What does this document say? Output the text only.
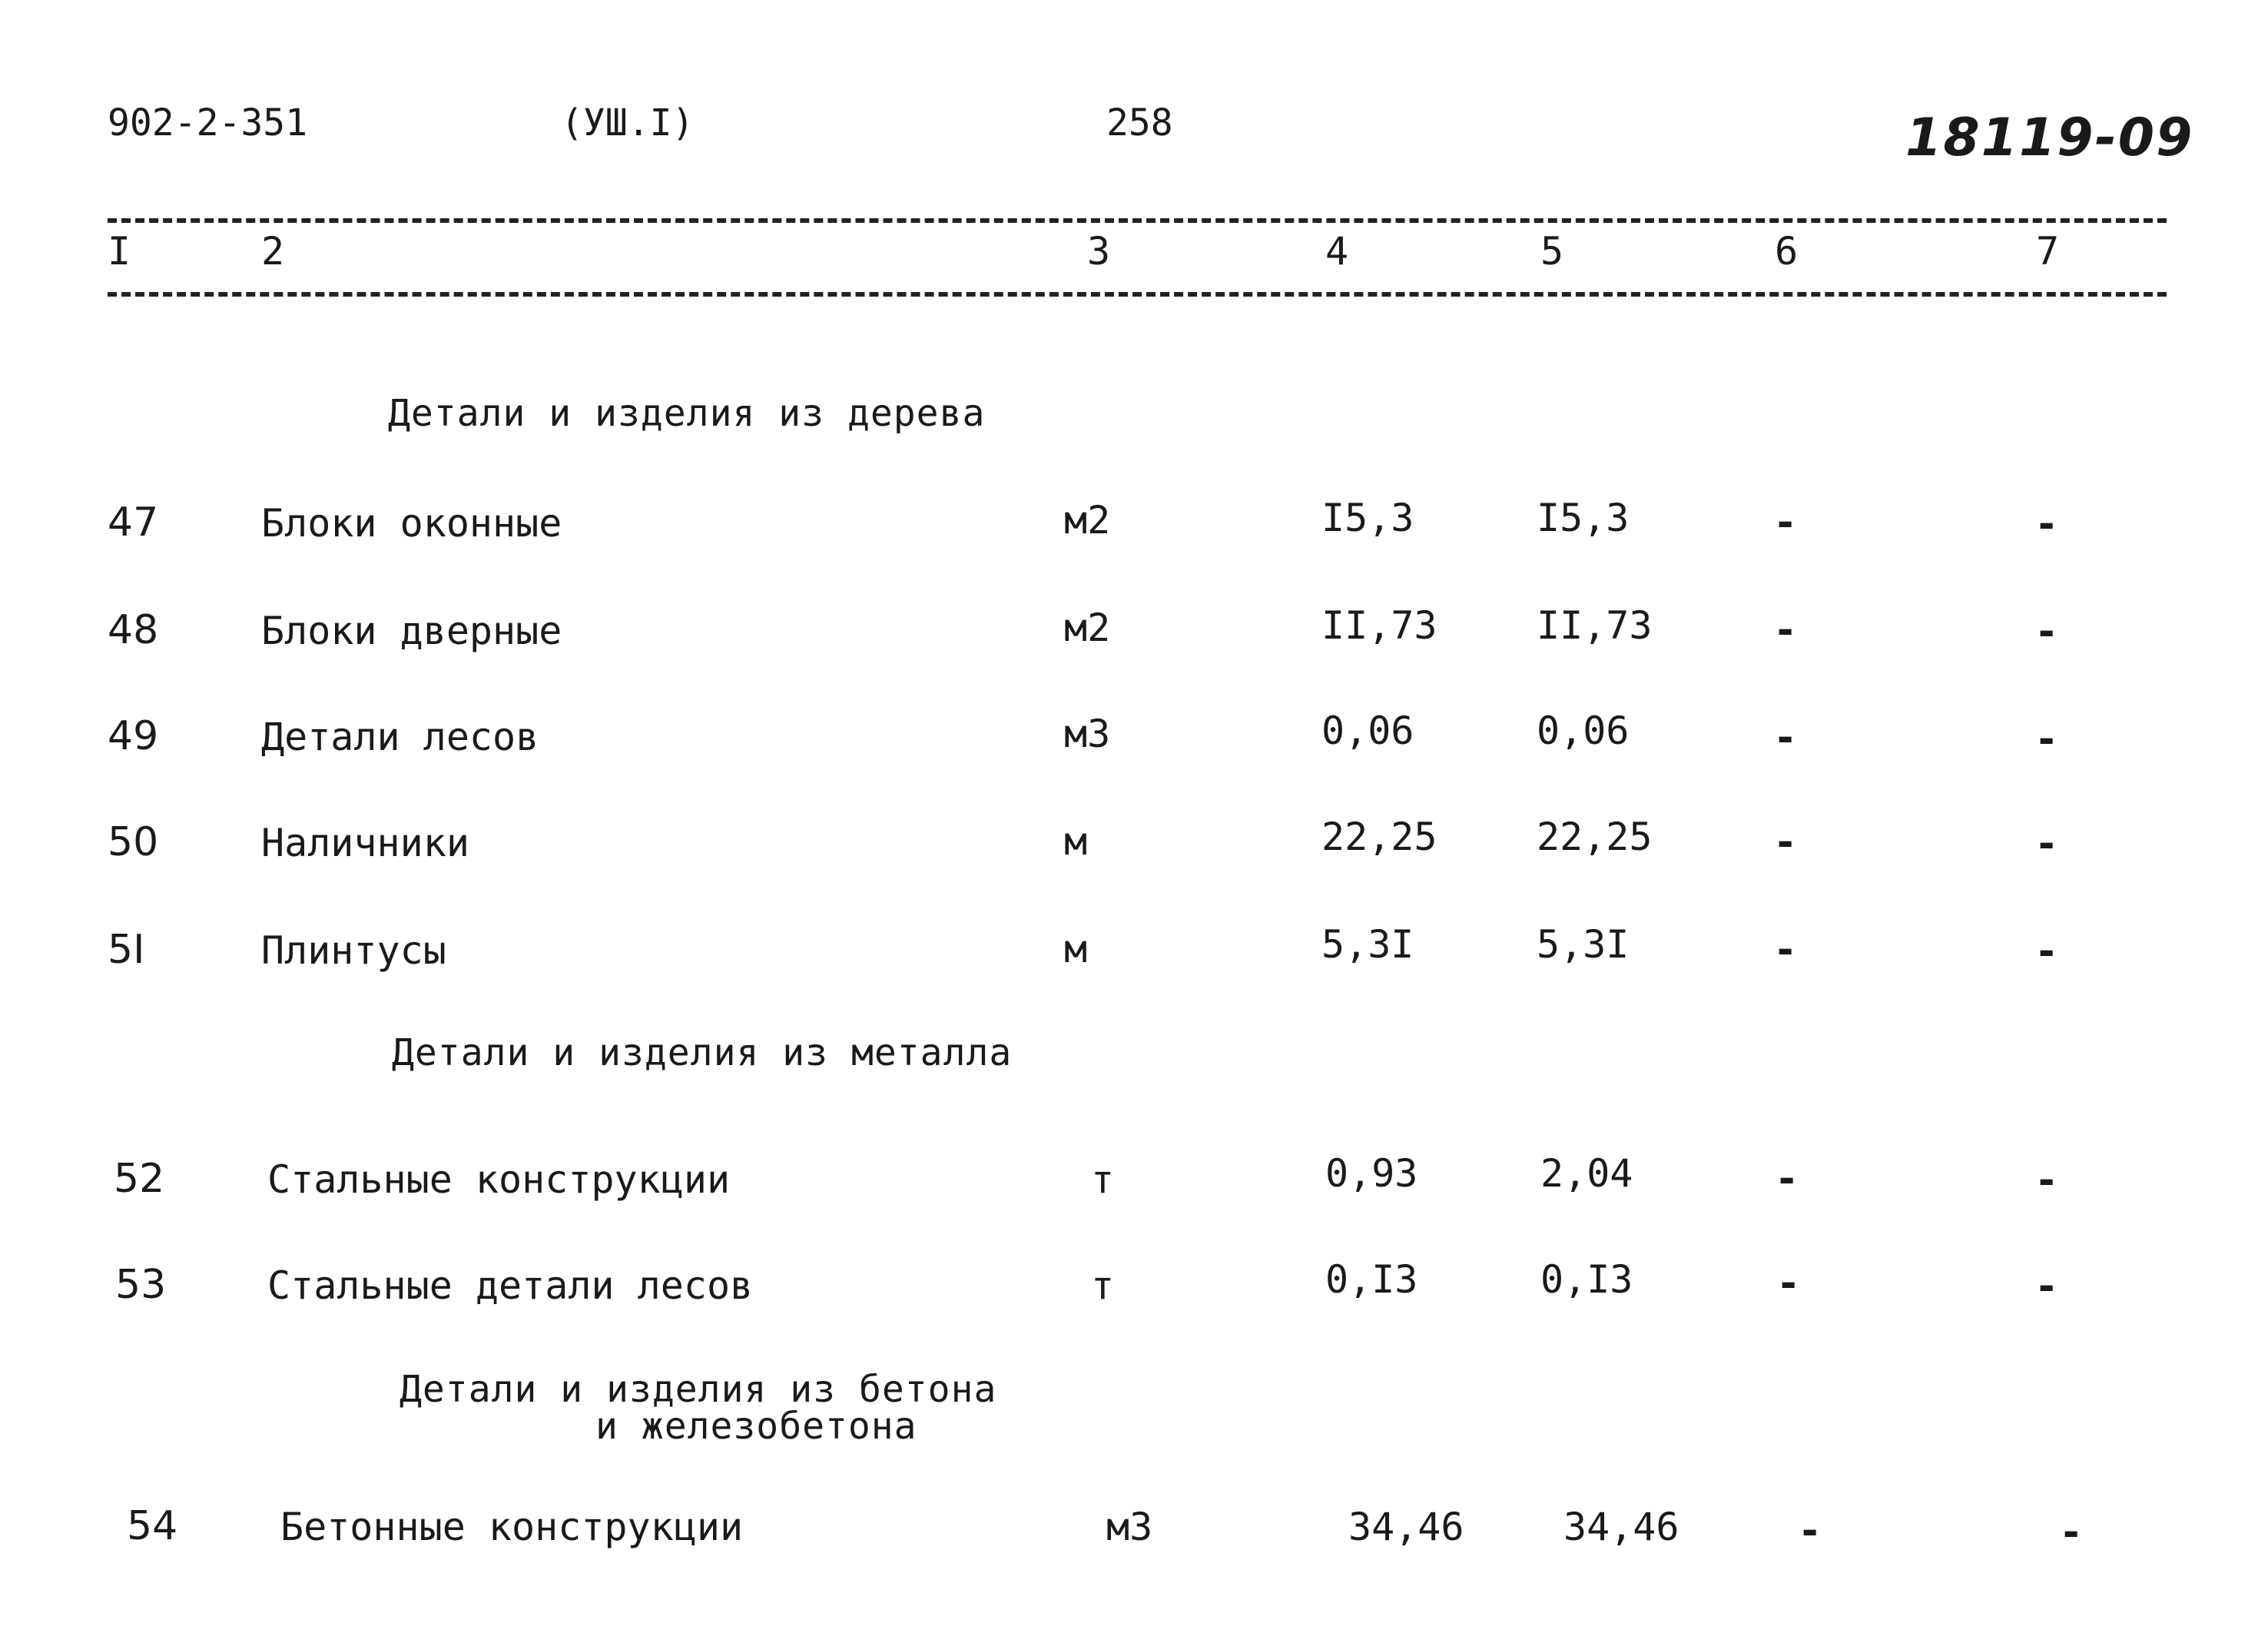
902-2-351	(УШ.I)	258	18119-09
I	2	3	4	5	6	7
Детали и изделия из дерева
47	Блоки оконные	м2	I5,3	I5,3	-	-
48	Блоки дверные	м2	II,73	II,73	-	-
49	Детали лесов	м3	0,06	0,06	-	-
50	Наличники	м	22,25	22,25	-	-
5I	Плинтусы	м	5,3I	5,3I	-	-
Детали и изделия из металла
52	Стальные конструкции	т	0,93	2,04	-	-
53	Стальные детали лесов	т	0,I3	0,I3	-	-
Детали и изделия из бетона
и железобетона
54	Бетонные конструкции	м3	34,46	34,46	-	-
